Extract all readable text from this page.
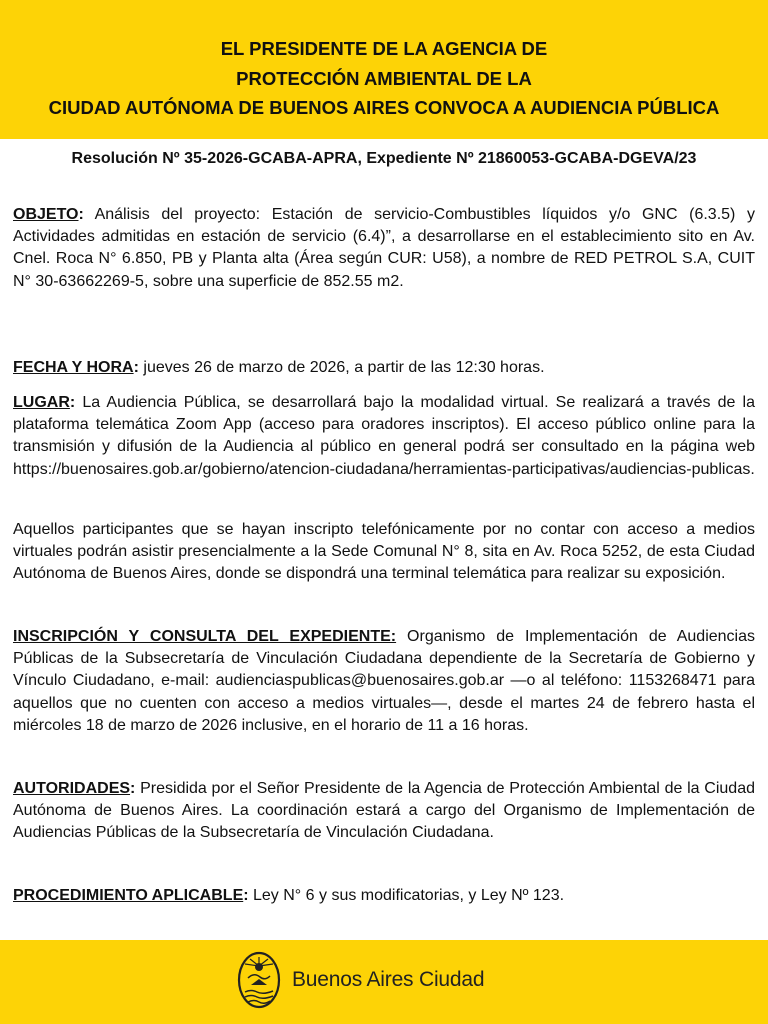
EL PRESIDENTE DE LA AGENCIA DE
PROTECCIÓN AMBIENTAL DE LA
CIUDAD AUTÓNOMA DE BUENOS AIRES CONVOCA A AUDIENCIA PÚBLICA
Resolución Nº 35-2026-GCABA-APRA, Expediente Nº 21860053-GCABA-DGEVA/23
OBJETO: Análisis del proyecto: Estación de servicio-Combustibles líquidos y/o GNC (6.3.5) y Actividades admitidas en estación de servicio (6.4)”, a desarrollarse en el establecimiento sito en Av. Cnel. Roca N° 6.850, PB y Planta alta (Área según CUR: U58), a nombre de RED PETROL S.A, CUIT N° 30-63662269-5, sobre una superficie de 852.55 m2.
FECHA Y HORA: jueves 26 de marzo de 2026, a partir de las 12:30 horas.
LUGAR: La Audiencia Pública, se desarrollará bajo la modalidad virtual. Se realizará a través de la plataforma telemática Zoom App (acceso para oradores inscriptos). El acceso público online para la transmisión y difusión de la Audiencia al público en general podrá ser consultado en la página web https://buenosaires.gob.ar/gobierno/atencion-ciudadana/herramientas-participativas/audiencias-publicas.
Aquellos participantes que se hayan inscripto telefónicamente por no contar con acceso a medios virtuales podrán asistir presencialmente a la Sede Comunal N° 8, sita en Av. Roca 5252, de esta Ciudad Autónoma de Buenos Aires, donde se dispondrá una terminal telemática para realizar su exposición.
INSCRIPCIÓN Y CONSULTA DEL EXPEDIENTE: Organismo de Implementación de Audiencias Públicas de la Subsecretaría de Vinculación Ciudadana dependiente de la Secretaría de Gobierno y Vínculo Ciudadano, e-mail: audienciaspublicas@buenosaires.gob.ar —o al teléfono: 1153268471 para aquellos que no cuenten con acceso a medios virtuales—, desde el martes 24 de febrero hasta el miércoles 18 de marzo de 2026 inclusive, en el horario de 11 a 16 horas.
AUTORIDADES: Presidida por el Señor Presidente de la Agencia de Protección Ambiental de la Ciudad Autónoma de Buenos Aires. La coordinación estará a cargo del Organismo de Implementación de Audiencias Públicas de la Subsecretaría de Vinculación Ciudadana.
PROCEDIMIENTO APLICABLE: Ley N° 6 y sus modificatorias, y Ley Nº 123.
Buenos Aires Ciudad
